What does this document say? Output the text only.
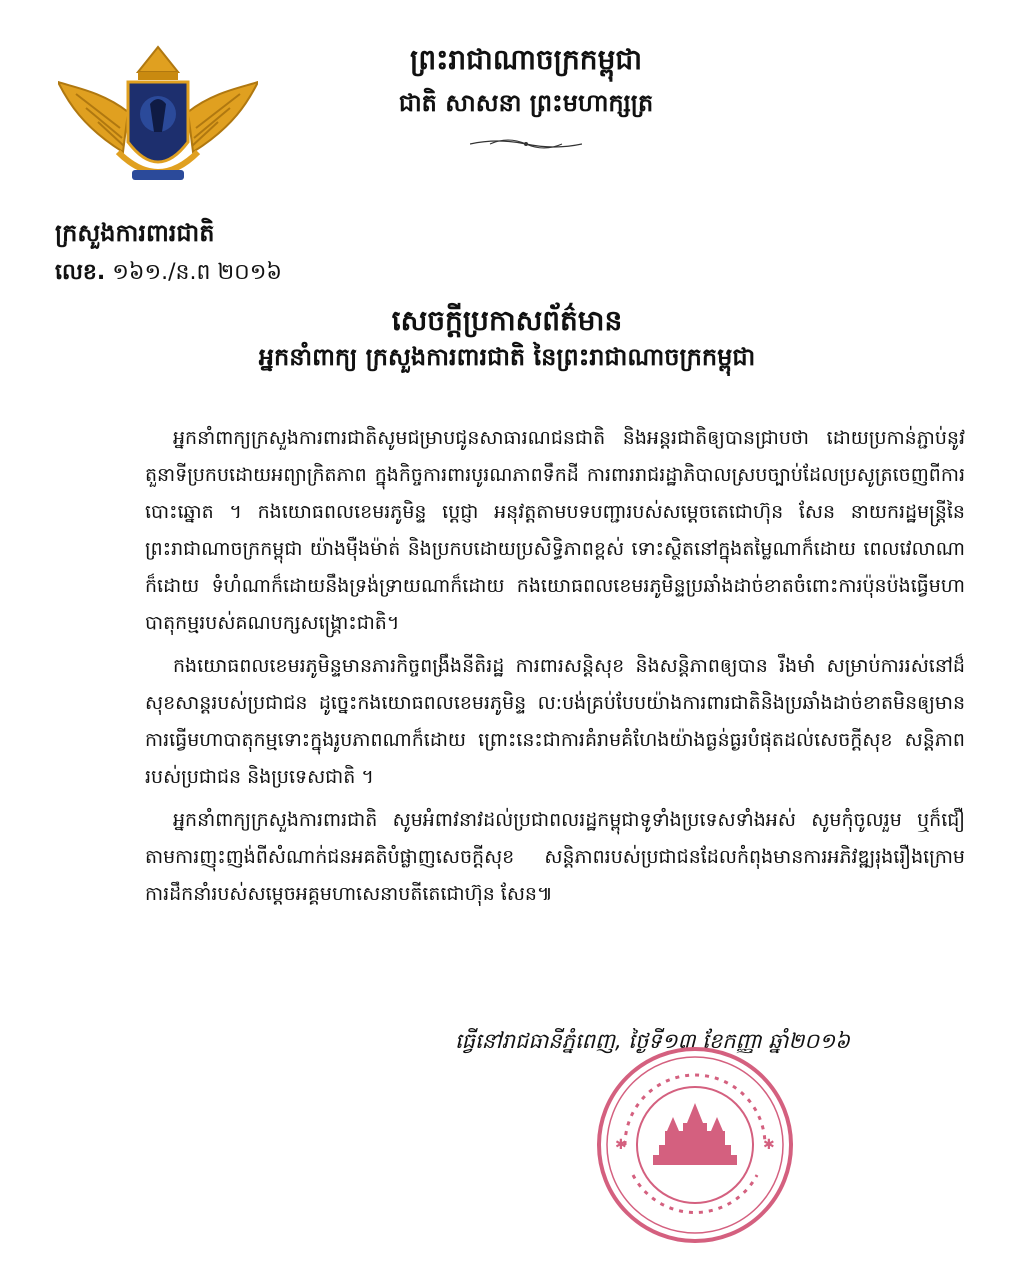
ព្រះរាជាណាចក្រកម្ពុជា
ជាតិ សាសនា ព្រះមហាក្សត្រ
ក្រសួងការពារជាតិ
លេខ. ១៦១./ន.ព ២០១៦
សេចក្តីប្រកាសព័ត៌មាន
អ្នកនាំពាក្យ ក្រសួងការពារជាតិ នៃព្រះរាជាណាចក្រកម្ពុជា

អ្នកនាំពាក្យក្រសួងការពារជាតិសូមជម្រាបជូនសាធារណជនជាតិ និងអន្តរជាតិឲ្យបានជ្រាបថា ដោយប្រកាន់ភ្ជាប់នូវតួនាទីប្រកបដោយអព្យាក្រិតភាព ក្នុងកិច្ចការពារបូរណភាពទឹកដី ការពាររាជរដ្ឋាភិបាលស្របច្បាប់ដែលប្រសូត្រចេញពីការបោះឆ្នោត ។ កងយោធពលខេមរភូមិន្ទ ប្តេជ្ញា អនុវត្តតាមបទបញ្ជារបស់សម្តេចតេជោហ៊ុន សែន នាយករដ្ឋមន្ត្រីនៃព្រះរាជាណាចក្រកម្ពុជា យ៉ាងម៉ឺងម៉ាត់ និងប្រកបដោយប្រសិទ្ធិភាពខ្ពស់ ទោះស្ថិតនៅក្នុងតម្លៃណាក៏ដោយ ពេលវេលាណាក៏ដោយ ទំហំណាក៏ដោយនឹងទ្រង់ទ្រាយណាក៏ដោយ កងយោធពលខេមរភូមិន្ទប្រឆាំងដាច់ខាតចំពោះការប៉ុនប៉ងធ្វើមហាបាតុកម្មរបស់គណបក្សសង្គ្រោះជាតិ។

កងយោធពលខេមរភូមិន្ទមានភារកិច្ចពង្រឹងនីតិរដ្ឋ ការពារសន្តិសុខ និងសន្តិភាពឲ្យបាន រឹងមាំ សម្រាប់ការរស់នៅដ៏សុខសាន្តរបស់ប្រជាជន ដូច្នេះកងយោធពលខេមរភូមិន្ទ ល:បង់គ្រប់បែបយ៉ាងការពារជាតិនិងប្រឆាំងដាច់ខាតមិនឲ្យមានការធ្វើមហាបាតុកម្មទោះក្នុងរូបភាពណាក៏ដោយ ព្រោះនេះជាការគំរាមគំហែងយ៉ាងធ្ងន់ធ្ងរបំផុតដល់សេចក្តីសុខ សន្តិភាពរបស់ប្រជាជន និងប្រទេសជាតិ ។

អ្នកនាំពាក្យក្រសួងការពារជាតិ សូមអំពាវនាវដល់ប្រជាពលរដ្ឋកម្ពុជាទូទាំងប្រទេសទាំងអស់ សូមកុំចូលរួម ឬក៏ជឿតាមការញុះញង់ពីសំណាក់ជនអគតិបំផ្លាញសេចក្តីសុខ សន្តិភាពរបស់ប្រជាជនដែលកំពុងមានការអភិវឌ្ឍរុងរឿងក្រោមការដឹកនាំរបស់សម្តេចអគ្គមហាសេនាបតីតេជោហ៊ុន សែន៕

ធ្វើនៅរាជធានីភ្នំពេញ, ថ្ងៃទី១៣ ខែកញ្ញា ឆ្នាំ២០១៦
✱	✱
